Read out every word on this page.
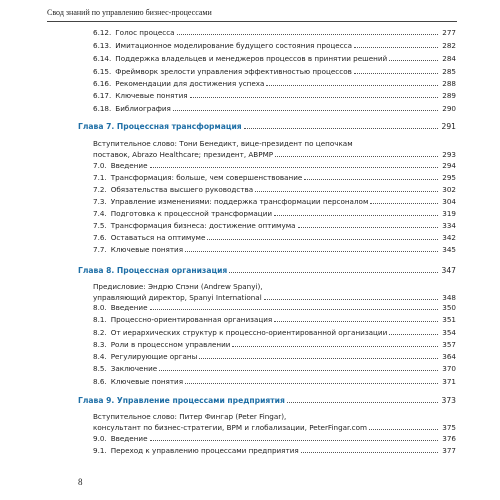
Свод знаний по управлению бизнес-процессами
6.12. Голос процесса	277
6.13. Имитационное моделирование будущего состояния процесса	282
6.14. Поддержка владельцев и менеджеров процессов в принятии решений	284
6.15. Фреймворк зрелости управления эффективностью процессов	285
6.16. Рекомендации для достижения успеха	288
6.17. Ключевые понятия	289
6.18. Библиография	290
Глава 7. Процессная трансформация	291
Вступительное слово: Тони Бенедикт, вице-президент по цепочкам
поставок, Abrazo Healthcare; президент, ABPMP	293
7.0. Введение	294
7.1. Трансформация: больше, чем совершенствование	295
7.2. Обязательства высшего руководства	302
7.3. Управление изменениями: поддержка трансформации персоналом	304
7.4. Подготовка к процессной трансформации	319
7.5. Трансформация бизнеса: достижение оптимума	334
7.6. Оставаться на оптимуме	342
7.7. Ключевые понятия	345
Глава 8. Процессная организация	347
Предисловие: Эндрю Спэни (Andrew Spanyi),
управляющий директор, Spanyi International	348
8.0. Введение	350
8.1. Процессно-ориентированная организация	351
8.2. От иерархических структур к процессно-ориентированной организации	354
8.3. Роли в процессном управлении	357
8.4. Регулирующие органы	364
8.5. Заключение	370
8.6. Ключевые понятия	371
Глава 9. Управление процессами предприятия	373
Вступительное слово: Питер Фингар (Peter Fingar),
консультант по бизнес-стратегии, BPM и глобализации, PeterFingar.com	375
9.0. Введение	376
9.1. Переход к управлению процессами предприятия	377
8
